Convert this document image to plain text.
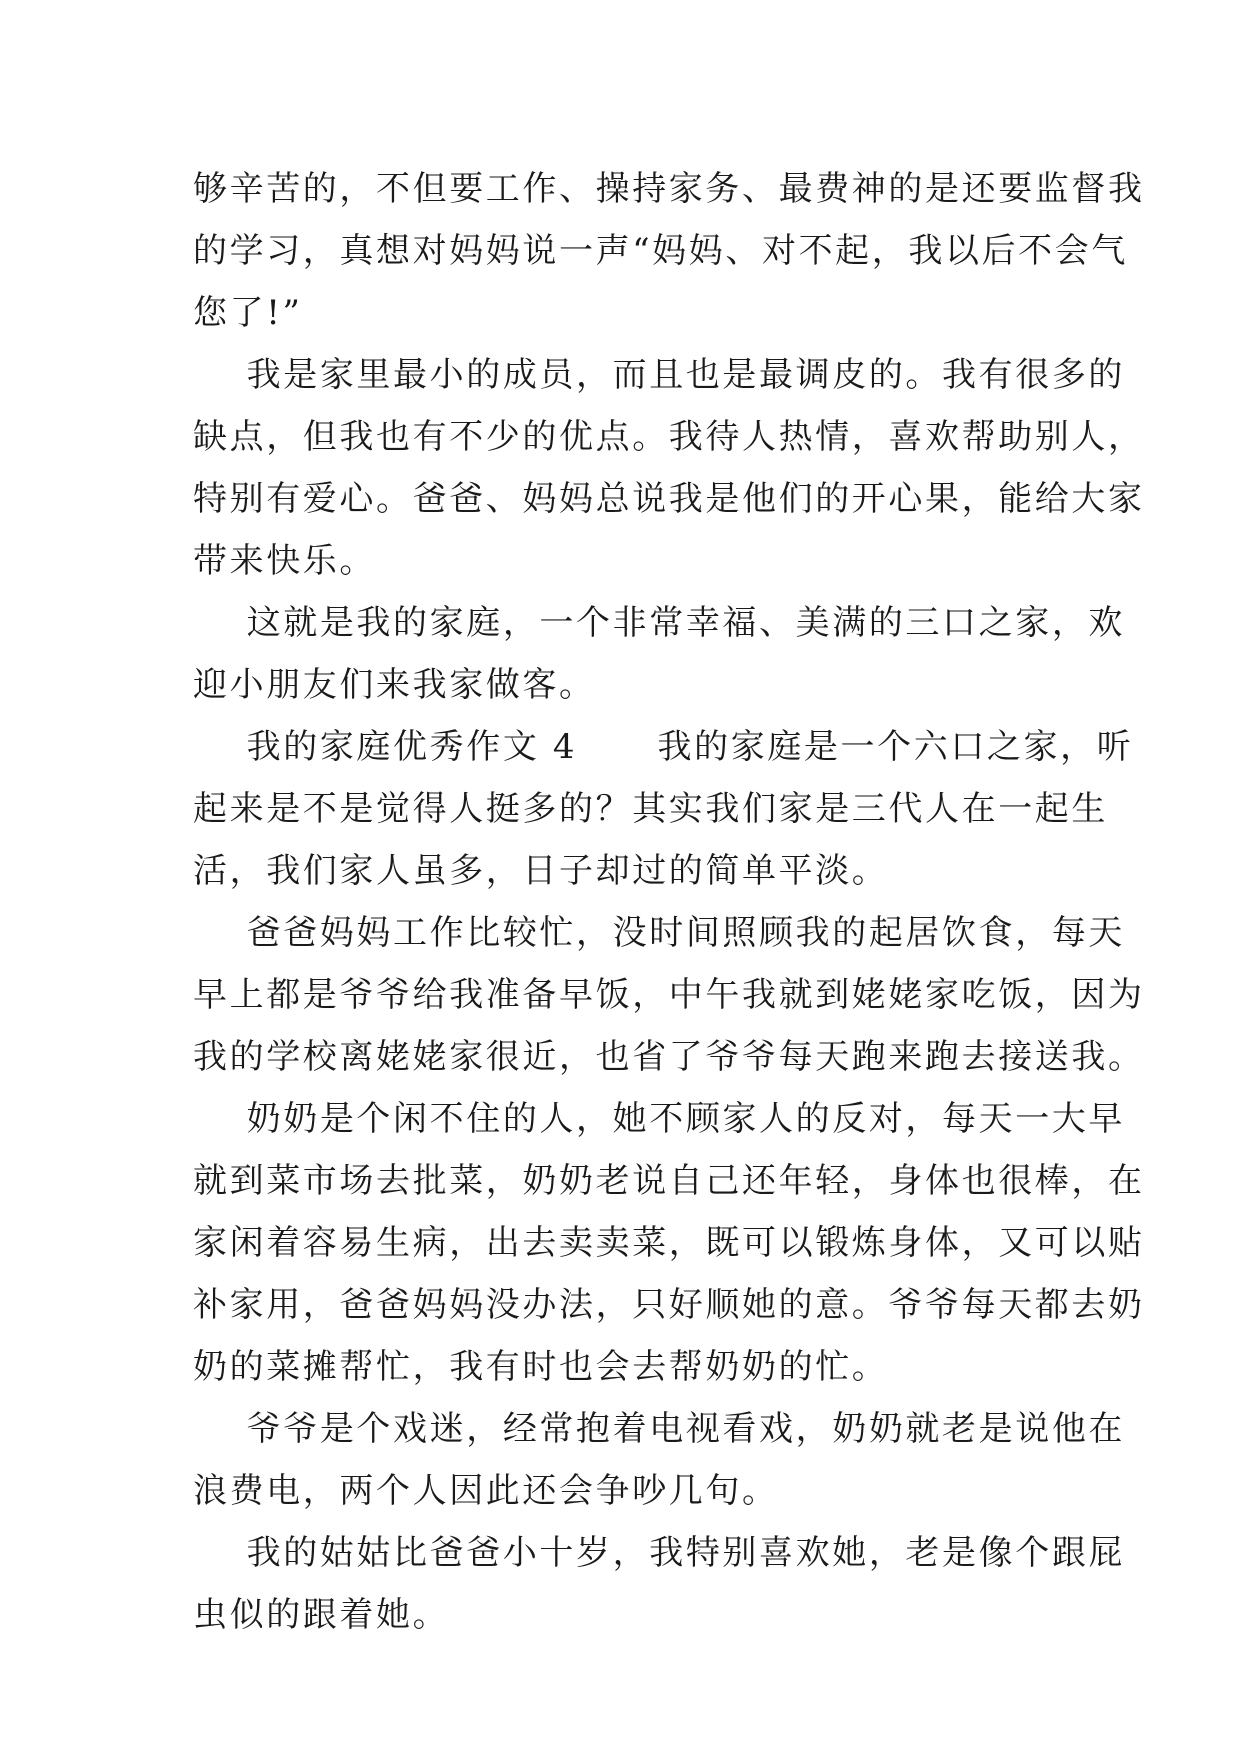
够辛苦的，不但要工作、操持家务、最费神的是还要监督我
的学习，真想对妈妈说一声“妈妈、对不起，我以后不会气
您了!”
我是家里最小的成员，而且也是最调皮的。我有很多的
缺点，但我也有不少的优点。我待人热情，喜欢帮助别人，
特别有爱心。爸爸、妈妈总说我是他们的开心果，能给大家
带来快乐。
这就是我的家庭，一个非常幸福、美满的三口之家，欢
迎小朋友们来我家做客。
我的家庭优秀作文 4      我的家庭是一个六口之家，听
起来是不是觉得人挺多的？其实我们家是三代人在一起生
活，我们家人虽多，日子却过的简单平淡。
爸爸妈妈工作比较忙，没时间照顾我的起居饮食，每天
早上都是爷爷给我准备早饭，中午我就到姥姥家吃饭，因为
我的学校离姥姥家很近，也省了爷爷每天跑来跑去接送我。
奶奶是个闲不住的人，她不顾家人的反对，每天一大早
就到菜市场去批菜，奶奶老说自己还年轻，身体也很棒，在
家闲着容易生病，出去卖卖菜，既可以锻炼身体，又可以贴
补家用，爸爸妈妈没办法，只好顺她的意。爷爷每天都去奶
奶的菜摊帮忙，我有时也会去帮奶奶的忙。
爷爷是个戏迷，经常抱着电视看戏，奶奶就老是说他在
浪费电，两个人因此还会争吵几句。
我的姑姑比爸爸小十岁，我特别喜欢她，老是像个跟屁
虫似的跟着她。
